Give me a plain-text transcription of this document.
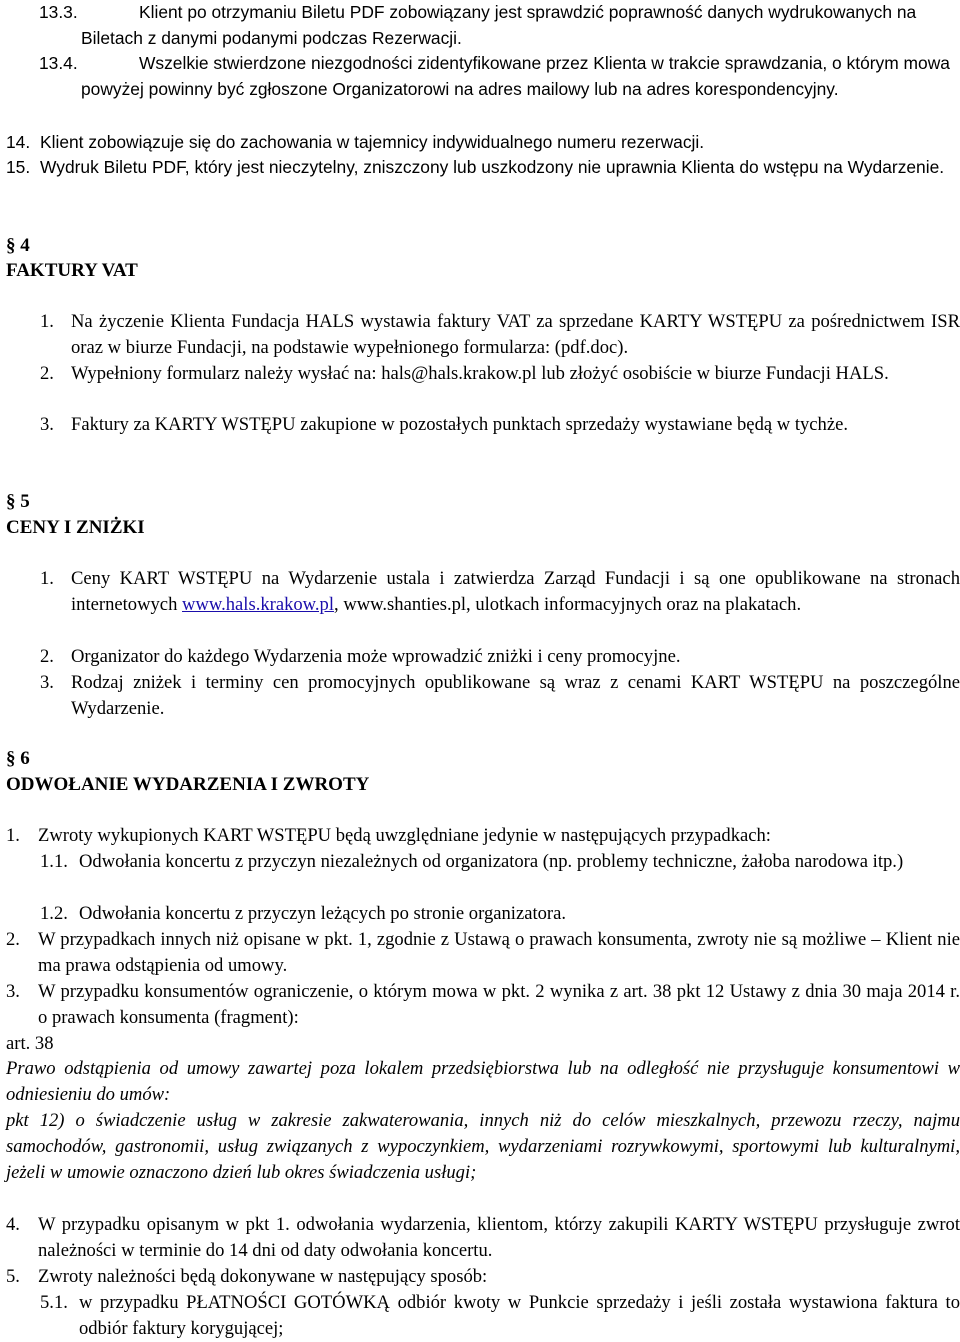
13.3.	Klient po otrzymaniu Biletu PDF zobowiązany jest sprawdzić poprawność danych wydrukowanych na Biletach z danymi podanymi podczas Rezerwacji.
13.4.	Wszelkie stwierdzone niezgodności zidentyfikowane przez Klienta w trakcie sprawdzania, o którym mowa powyżej powinny być zgłoszone Organizatorowi na adres mailowy lub na adres korespondencyjny.
14. Klient zobowiązuje się do zachowania w tajemnicy indywidualnego numeru rezerwacji.
15. Wydruk Biletu PDF, który jest nieczytelny, zniszczony lub uszkodzony nie uprawnia Klienta do wstępu na Wydarzenie.
§ 4
FAKTURY VAT
1. Na życzenie Klienta Fundacja HALS wystawia faktury VAT za sprzedane KARTY WSTĘPU za pośrednictwem ISR oraz w biurze Fundacji, na podstawie wypełnionego formularza: (pdf.doc).
2. Wypełniony formularz należy wysłać na: hals@hals.krakow.pl lub złożyć osobiście w biurze Fundacji HALS.
3. Faktury za KARTY WSTĘPU zakupione w pozostałych punktach sprzedaży wystawiane będą w tychże.
§ 5
CENY I ZNIŻKI
1. Ceny KART WSTĘPU na Wydarzenie ustala i zatwierdza Zarząd Fundacji i są one opublikowane na stronach internetowych www.hals.krakow.pl, www.shanties.pl, ulotkach informacyjnych oraz na plakatach.
2. Organizator do każdego Wydarzenia może wprowadzić zniżki i ceny promocyjne.
3. Rodzaj zniżek i terminy cen promocyjnych opublikowane są wraz z cenami KART WSTĘPU na poszczególne Wydarzenie.
§ 6
ODWOŁANIE WYDARZENIA I ZWROTY
1. Zwroty wykupionych KART WSTĘPU będą uwzględniane jedynie w następujących przypadkach:
1.1. Odwołania koncertu z przyczyn niezależnych od organizatora (np. problemy techniczne, żałoba narodowa itp.)
1.2. Odwołania koncertu z przyczyn leżących po stronie organizatora.
2. W przypadkach innych niż opisane w pkt. 1, zgodnie z Ustawą o prawach konsumenta, zwroty nie są możliwe – Klient nie ma prawa odstąpienia od umowy.
3. W przypadku konsumentów ograniczenie, o którym mowa w pkt. 2 wynika z art. 38 pkt 12 Ustawy z dnia 30 maja 2014 r. o prawach konsumenta (fragment):
art. 38
Prawo odstąpienia od umowy zawartej poza lokalem przedsiębiorstwa lub na odległość nie przysługuje konsumentowi w odniesieniu do umów:
pkt 12) o świadczenie usług w zakresie zakwaterowania, innych niż do celów mieszkalnych, przewozu rzeczy, najmu samochodów, gastronomii, usług związanych z wypoczynkiem, wydarzeniami rozrywkowymi, sportowymi lub kulturalnymi, jeżeli w umowie oznaczono dzień lub okres świadczenia usługi;
4. W przypadku opisanym w pkt 1. odwołania wydarzenia, klientom, którzy zakupili KARTY WSTĘPU przysługuje zwrot należności w terminie do 14 dni od daty odwołania koncertu.
5. Zwroty należności będą dokonywane w następujący sposób:
5.1. w przypadku PŁATNOŚCI GOTÓWKĄ odbiór kwoty w Punkcie sprzedaży i jeśli została wystawiona faktura to odbiór faktury korygującej;
